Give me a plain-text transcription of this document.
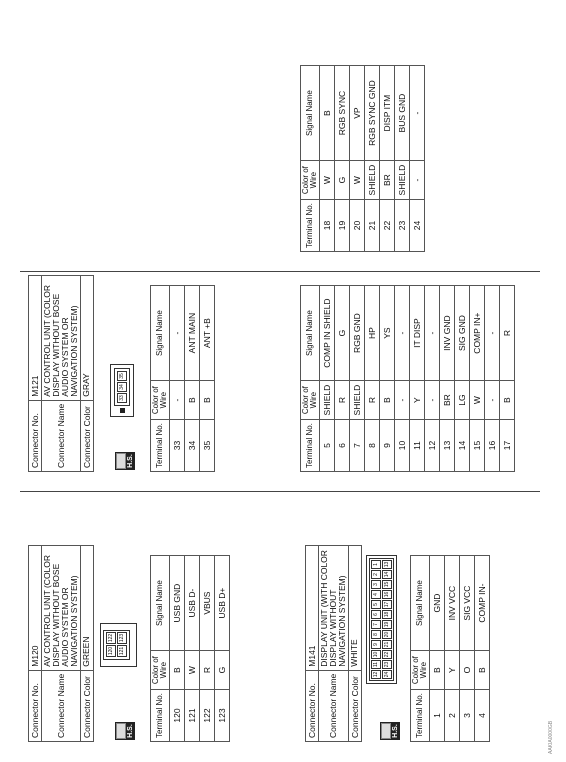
Connector No.	M120
Connector Name	AV CONTROL UNIT (COLOR DISPLAY WITHOUT BOSE AUDIO SYSTEM OR NAVIGATION SYSTEM)
Connector Color	GREEN
H.S.
120
122
121
123
Terminal No.	Color of Wire	Signal Name
120	B	USB GND
121	W	USB D-
122	R	VBUS
123	G	USB D+
Connector No.	M121
Connector Name	AV CONTROL UNIT (COLOR DISPLAY WITHOUT BOSE AUDIO SYSTEM OR NAVIGATION SYSTEM)
Connector Color	GRAY
H.S.
33
34
35
Terminal No.	Color of Wire	Signal Name
33	-	-
34	B	ANT MAIN
35	B	ANT +B
Connector No.	M141
Connector Name	DISPLAY UNIT (WITH COLOR DISPLAY WITHOUT NAVIGATION SYSTEM)
Connector Color	WHITE
H.S.
12
11
10
9
8
7
6
5
4
3
2
1
24
23
22
21
20
19
18
17
16
15
14
13
Terminal No.	Color of Wire	Signal Name
1	B	GND
2	Y	INV VCC
3	O	SIG VCC
4	B	COMP IN-
Terminal No.	Color of Wire	Signal Name
5	SHIELD	COMP IN SHIELD
6	R	G
7	SHIELD	RGB GND
8	R	HP
9	B	YS
10	-	-
11	Y	IT DISP
12	-	-
13	BR	INV GND
14	LG	SIG GND
15	W	COMP IN+
16	-	-
17	B	R
Terminal No.	Color of Wire	Signal Name
18	W	B
19	G	RGB SYNC
20	W	VP
21	SHIELD	RGB SYNC GND
22	BR	DISP ITM
23	SHIELD	BUS GND
24	-	-
AAKIA0000GB
